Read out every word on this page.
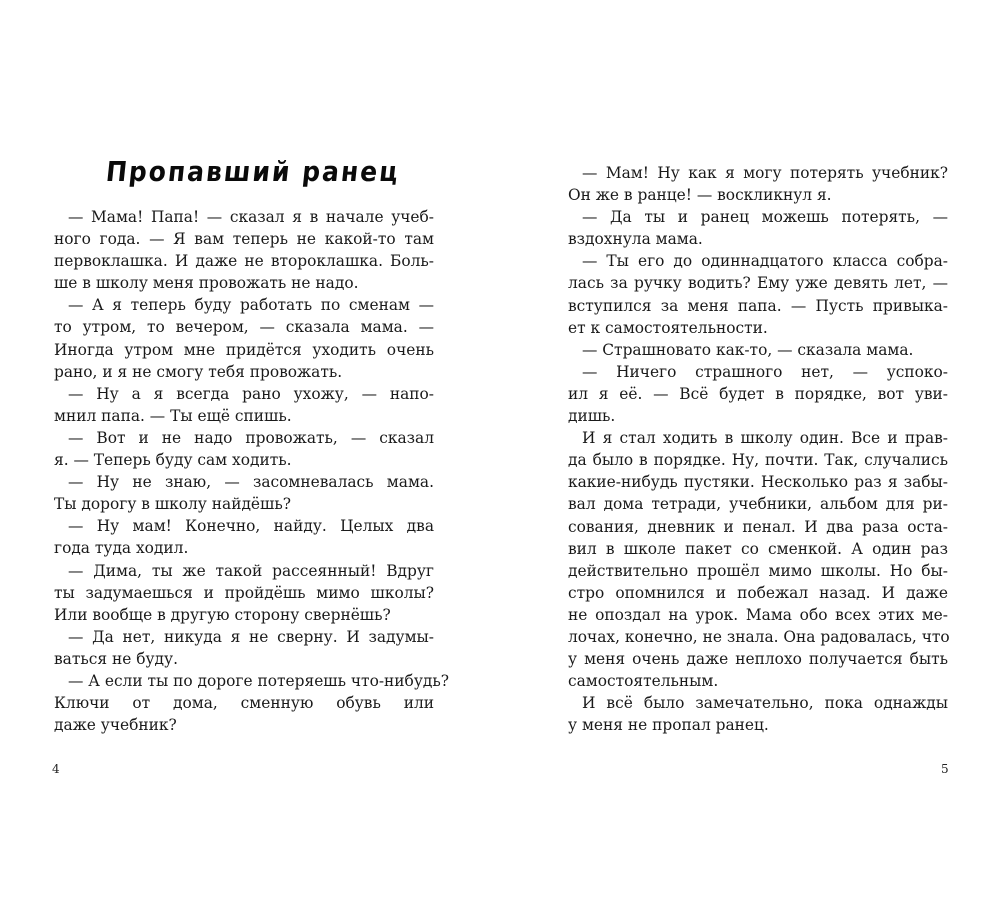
Пропавший ранец
— Мама! Папа! — сказал я в начале учеб-
ного года. — Я вам теперь не какой-то там
первоклашка. И даже не второклашка. Боль-
ше в школу меня провожать не надо.
— А я теперь буду работать по сменам —
то утром, то вечером, — сказала мама. —
Иногда утром мне придётся уходить очень
рано, и я не смогу тебя провожать.
— Ну а я всегда рано ухожу, — напо-
мнил папа. — Ты ещё спишь.
— Вот и не надо провожать, — сказал
я. — Теперь буду сам ходить.
— Ну не знаю, — засомневалась мама.
Ты дорогу в школу найдёшь?
— Ну мам! Конечно, найду. Целых два
года туда ходил.
— Дима, ты же такой рассеянный! Вдруг
ты задумаешься и пройдёшь мимо школы?
Или вообще в другую сторону свернёшь?
— Да нет, никуда я не сверну. И задумы-
ваться не буду.
— А если ты по дороге потеряешь что-нибудь?
Ключи от дома, сменную обувь или
даже учебник?
4
— Мам! Ну как я могу потерять учебник?
Он же в ранце! — воскликнул я.
— Да ты и ранец можешь потерять, —
вздохнула мама.
— Ты его до одиннадцатого класса собра-
лась за ручку водить? Ему уже девять лет, —
вступился за меня папа. — Пусть привыка-
ет к самостоятельности.
— Страшновато как-то, — сказала мама.
— Ничего страшного нет, — успоко-
ил я её. — Всё будет в порядке, вот уви-
дишь.
И я стал ходить в школу один. Все и прав-
да было в порядке. Ну, почти. Так, случались
какие-нибудь пустяки. Несколько раз я забы-
вал дома тетради, учебники, альбом для ри-
сования, дневник и пенал. И два раза оста-
вил в школе пакет со сменкой. А один раз
действительно прошёл мимо школы. Но бы-
стро опомнился и побежал назад. И даже
не опоздал на урок. Мама обо всех этих ме-
лочах, конечно, не знала. Она радовалась, что
у меня очень даже неплохо получается быть
самостоятельным.
И всё было замечательно, пока однажды
у меня не пропал ранец.
5
